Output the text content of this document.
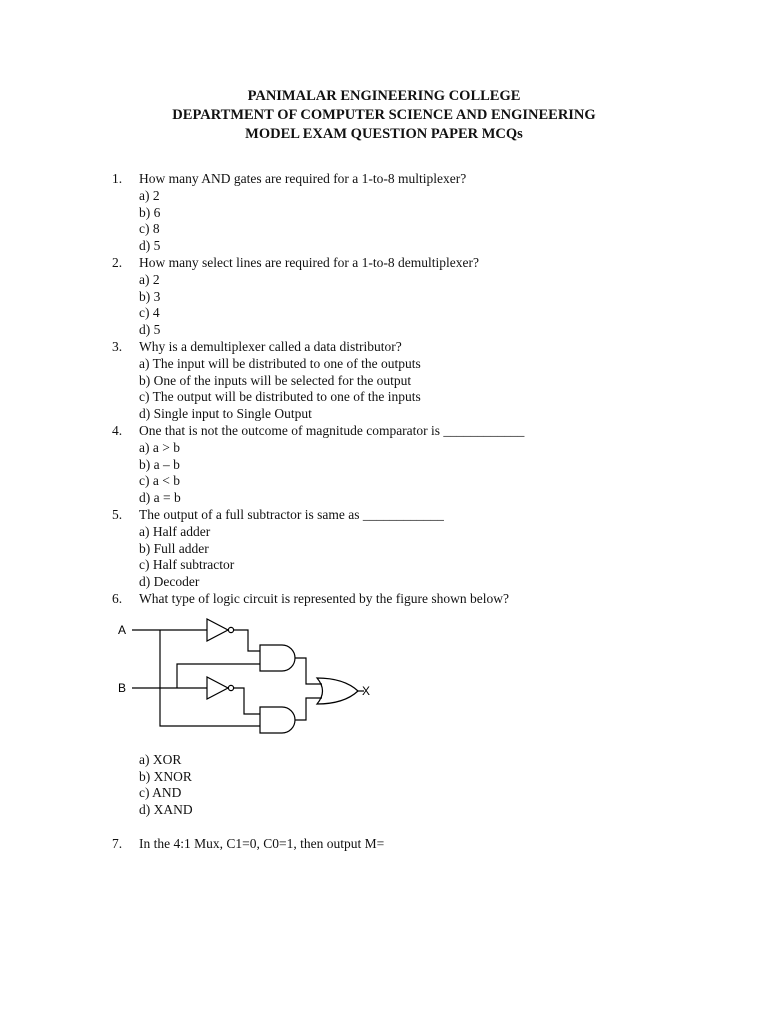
PANIMALAR ENGINEERING COLLEGE
DEPARTMENT OF COMPUTER SCIENCE AND ENGINEERING
MODEL EXAM QUESTION PAPER MCQs
1. How many AND gates are required for a 1-to-8 multiplexer?
a) 2
b) 6
c) 8
d) 5
2. How many select lines are required for a 1-to-8 demultiplexer?
a) 2
b) 3
c) 4
d) 5
3. Why is a demultiplexer called a data distributor?
a) The input will be distributed to one of the outputs
b) One of the inputs will be selected for the output
c) The output will be distributed to one of the inputs
d) Single input to Single Output
4. One that is not the outcome of magnitude comparator is ____________
a) a > b
b) a – b
c) a < b
d) a = b
5. The output of a full subtractor is same as ____________
a) Half adder
b) Full adder
c) Half subtractor
d) Decoder
6. What type of logic circuit is represented by the figure shown below?
A
B	X
a) XOR
b) XNOR
c) AND
d) XAND
7. In the 4:1 Mux, C1=0, C0=1, then output M=
